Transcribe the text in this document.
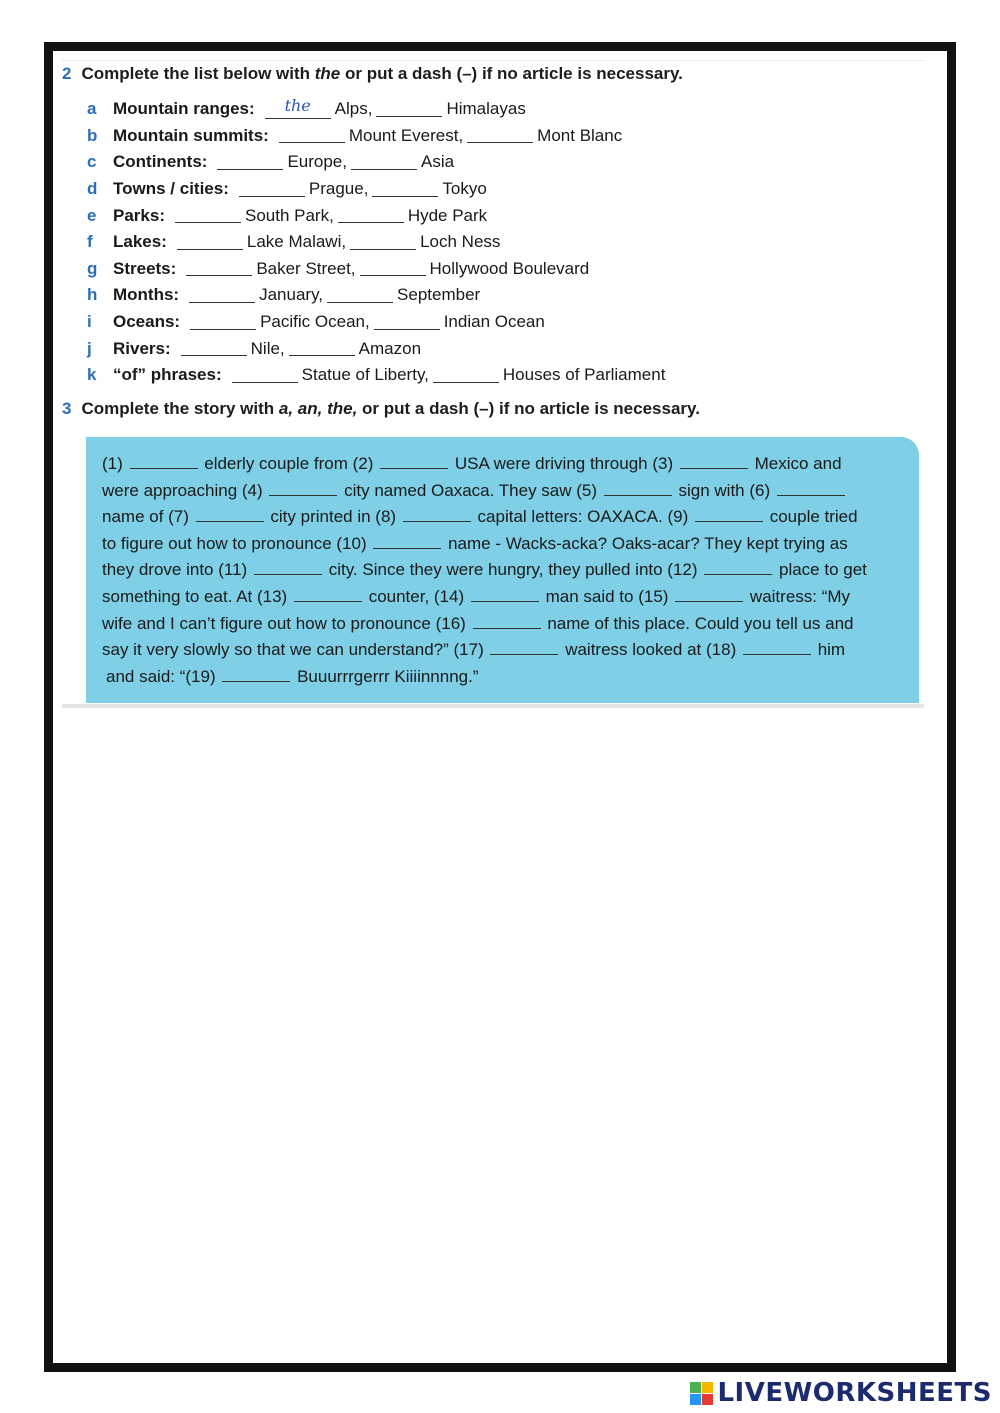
2 Complete the list below with the or put a dash (–) if no article is necessary.
a Mountain ranges:	the	Alps,	Himalayas
b Mountain summits:	Mount Everest,	Mont Blanc
c Continents:	Europe,	Asia
d Towns / cities:	Prague,	Tokyo
e Parks:	South Park,	Hyde Park
f	Lakes:	Lake Malawi,	Loch Ness
g Streets:	Baker Street,	Hollywood Boulevard
h Months:	January,	September
i	Oceans:	Pacific Ocean,	Indian Ocean
j	Rivers:	Nile,	Amazon
k “of” phrases:	Statue of Liberty,	Houses of Parliament
3 Complete the story with a, an, the, or put a dash (–) if no article is necessary.
(1)	elderly couple from (2)	USA were driving through (3)	Mexico and
were approaching (4)	city named Oaxaca. They saw (5)	sign with (6)
name of (7)	city printed in (8)	capital letters: OAXACA. (9)	couple tried
to figure out how to pronounce (10)	name - Wacks-acka? Oaks-acar? They kept trying as
they drove into (11)	city. Since they were hungry, they pulled into (12)	place to get
something to eat. At (13)	counter, (14)	man said to (15)	waitress: “My
wife and I can’t figure out how to pronounce (16)	name of this place. Could you tell us and
say it very slowly so that we can understand?” (17)	waitress looked at (18)	him
and said: “(19)	Buuurrrgerrr Kiiiinnnng.”
LIVEWORKSHEETS
